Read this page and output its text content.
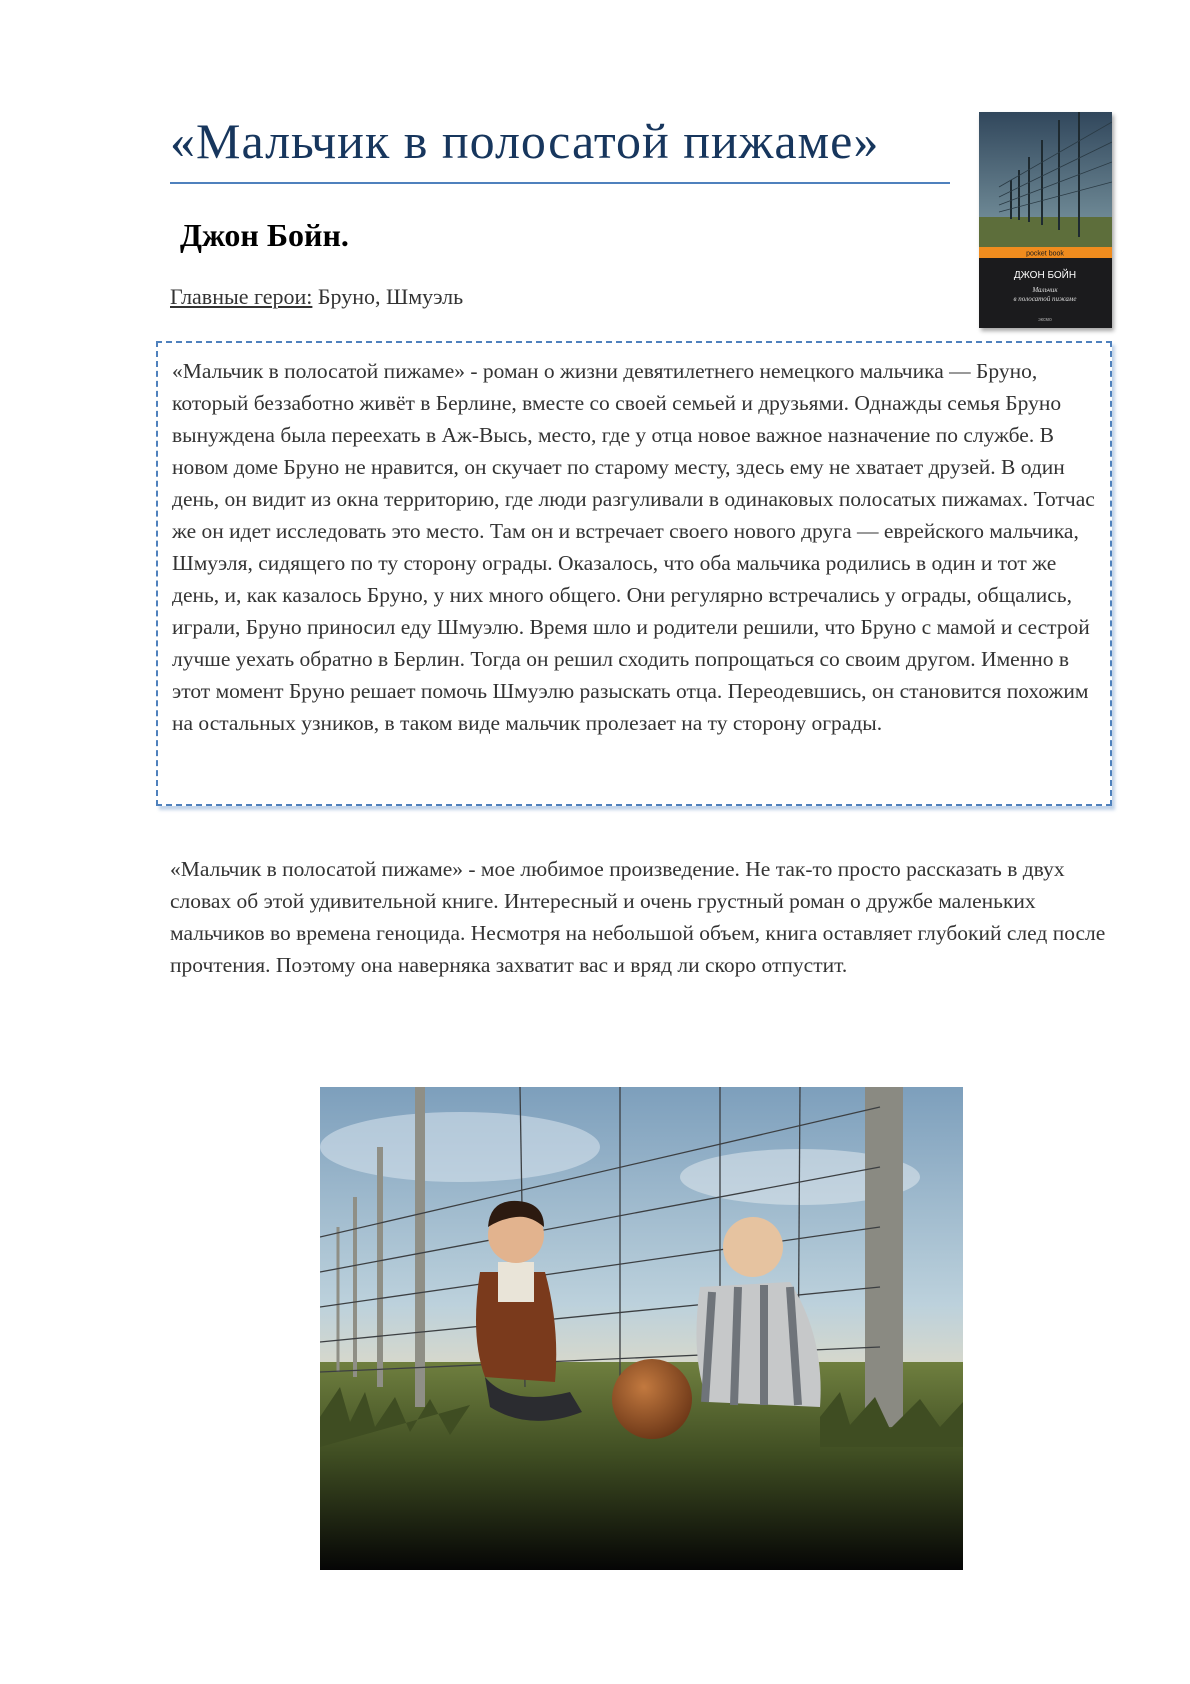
«Мальчик в полосатой пижаме»
Джон Бойн.
Главные герои: Бруно, Шмуэль
pocket book
ДЖОН БОЙН
Мальчик
в полосатой пижаме
эксмо
«Мальчик в полосатой пижаме» - роман о жизни девятилетнего немецкого мальчика — Бруно, который беззаботно живёт в Берлине, вместе со своей семьей и друзьями. Однажды семья Бруно вынуждена была переехать в Аж-Высь, место, где у отца новое важное назначение по службе. В новом доме Бруно не нравится, он скучает по старому месту, здесь ему не хватает друзей. В один день, он видит из окна территорию, где люди разгуливали в одинаковых полосатых пижамах. Тотчас же он идет исследовать это место. Там он и встречает своего нового друга — еврейского мальчика, Шмуэля, сидящего по ту сторону ограды. Оказалось, что оба мальчика родились в один и тот же день, и, как казалось Бруно, у них много общего. Они регулярно встречались у ограды, общались, играли, Бруно приносил еду Шмуэлю. Время шло и родители решили, что Бруно с мамой и сестрой лучше уехать обратно в Берлин. Тогда он решил сходить попрощаться со своим другом. Именно в этот момент Бруно решает помочь Шмуэлю разыскать отца. Переодевшись, он становится похожим на остальных узников, в таком виде мальчик пролезает на ту сторону ограды.
«Мальчик в полосатой пижаме» - мое любимое произведение. Не так-то просто рассказать в двух словах об этой удивительной книге. Интересный и очень грустный роман о дружбе маленьких мальчиков во времена геноцида. Несмотря на небольшой объем, книга оставляет глубокий след после прочтения. Поэтому она наверняка захватит вас и вряд ли скоро отпустит.
